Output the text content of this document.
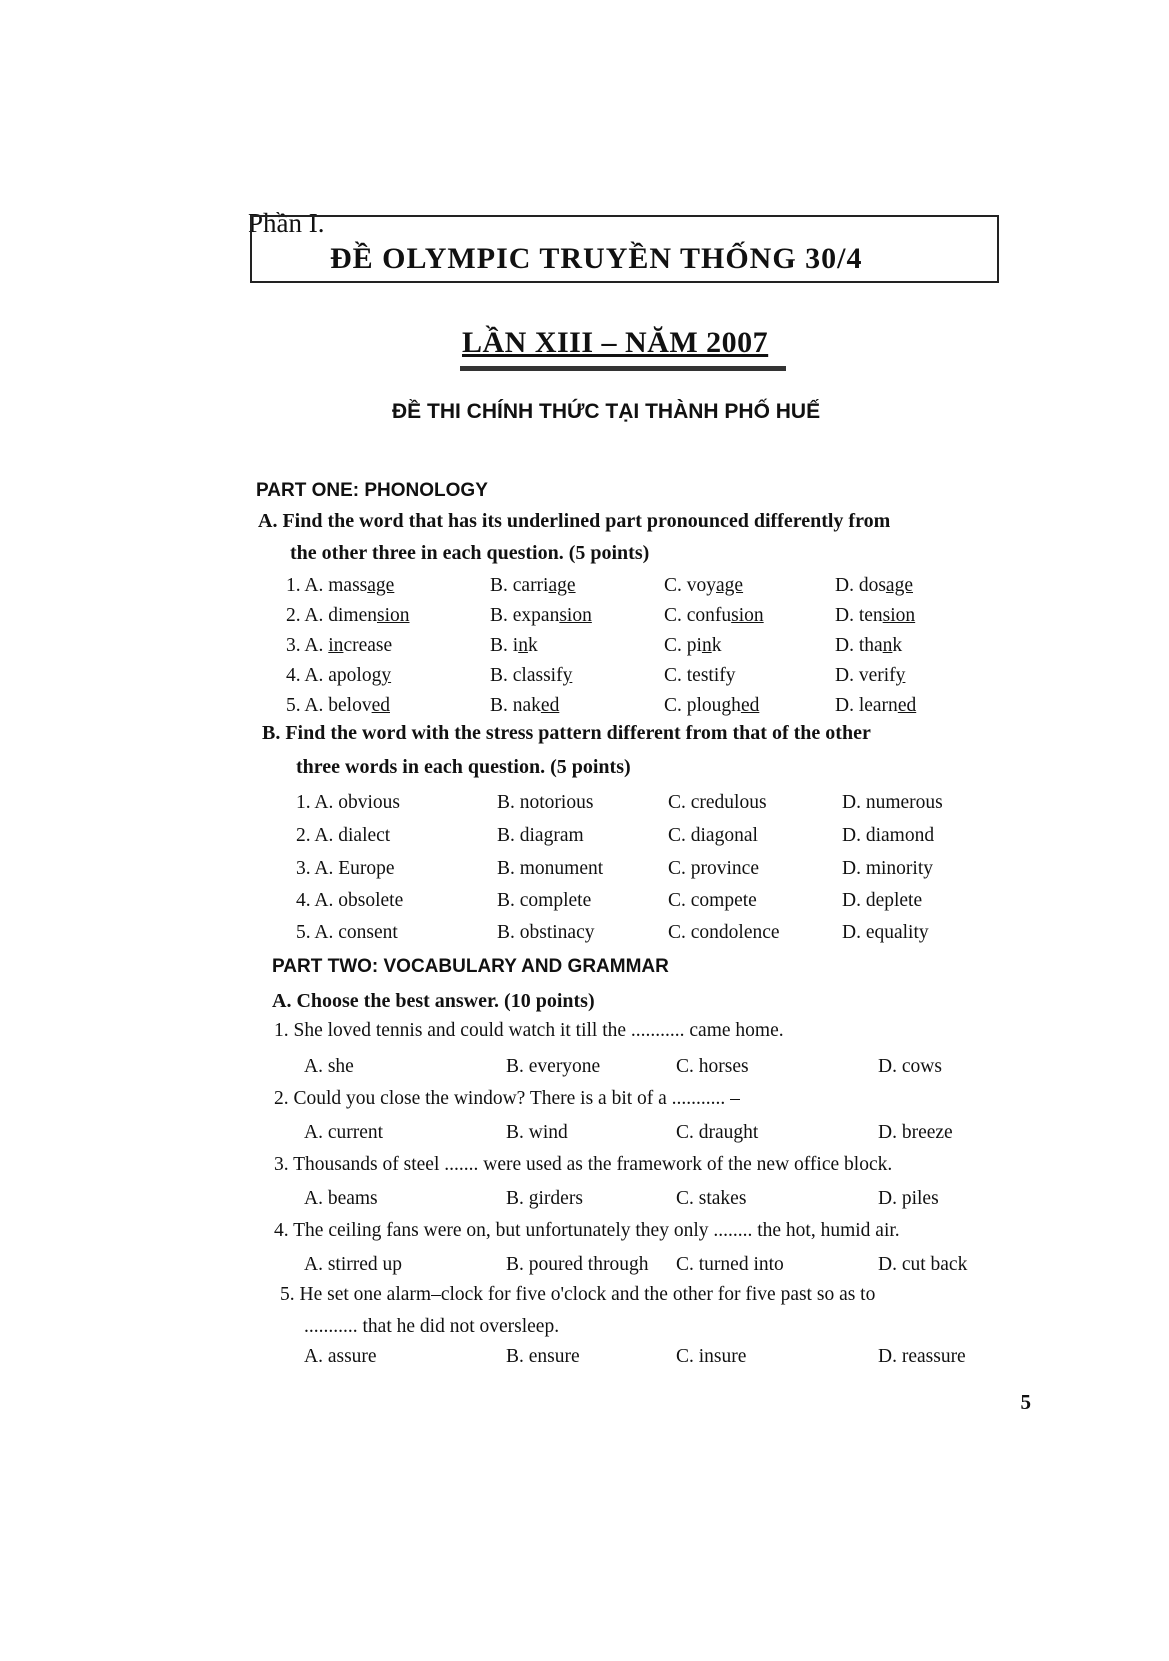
Phần I.
ĐỀ OLYMPIC TRUYỀN THỐNG 30/4
LẦN XIII – NĂM 2007
ĐỀ THI CHÍNH THỨC TẠI THÀNH PHỐ HUẾ
PART ONE: PHONOLOGY
A. Find the word that has its underlined part pronounced differently from
the other three in each question. (5 points)
1. A. massage	B. carriage	C. voyage	D. dosage
2. A. dimension	B. expansion	C. confusion	D. tension
3. A. increase	B. ink	C. pink	D. thank
4. A. apology	B. classify	C. testify	D. verify
5. A. beloved	B. naked	C. ploughed	D. learned
B. Find the word with the stress pattern different from that of the other
three words in each question. (5 points)
1. A. obvious	B. notorious	C. credulous	D. numerous
2. A. dialect	B. diagram	C. diagonal	D. diamond
3. A. Europe	B. monument	C. province	D. minority
4. A. obsolete	B. complete	C. compete	D. deplete
5. A. consent	B. obstinacy	C. condolence	D. equality
PART TWO: VOCABULARY AND GRAMMAR
A. Choose the best answer. (10 points)
1. She loved tennis and could watch it till the ........... came home.
A. she	B. everyone	C. horses	D. cows
2. Could you close the window? There is a bit of a ........... –
A. current	B. wind	C. draught	D. breeze
3. Thousands of steel ....... were used as the framework of the new office block.
A. beams	B. girders	C. stakes	D. piles
4. The ceiling fans were on, but unfortunately they only ........ the hot, humid air.
A. stirred up	B. poured through C. turned into	D. cut back
5. He set one alarm–clock for five o'clock and the other for five past so as to
........... that he did not oversleep.
A. assure	B. ensure	C. insure	D. reassure
5
